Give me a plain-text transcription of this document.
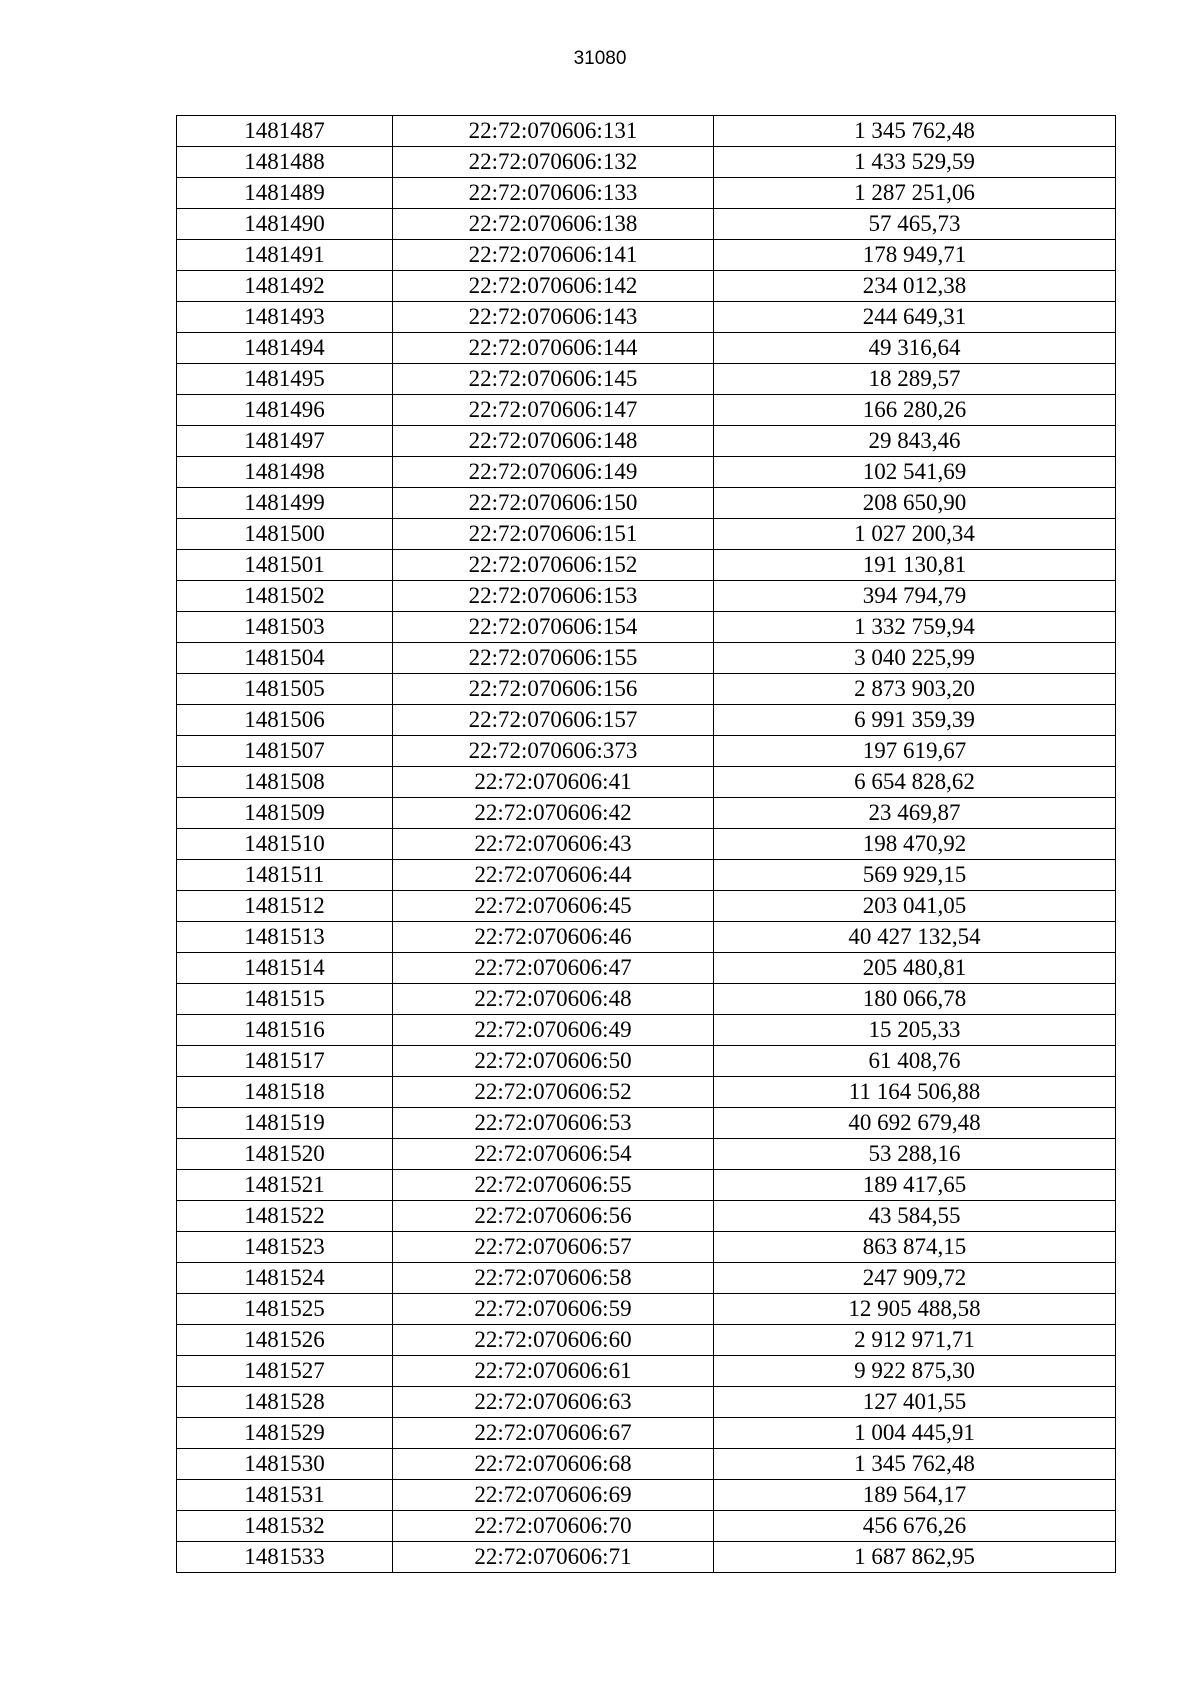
31080
1481487	22:72:070606:131	1 345 762,48
1481488	22:72:070606:132	1 433 529,59
1481489	22:72:070606:133	1 287 251,06
1481490	22:72:070606:138	57 465,73
1481491	22:72:070606:141	178 949,71
1481492	22:72:070606:142	234 012,38
1481493	22:72:070606:143	244 649,31
1481494	22:72:070606:144	49 316,64
1481495	22:72:070606:145	18 289,57
1481496	22:72:070606:147	166 280,26
1481497	22:72:070606:148	29 843,46
1481498	22:72:070606:149	102 541,69
1481499	22:72:070606:150	208 650,90
1481500	22:72:070606:151	1 027 200,34
1481501	22:72:070606:152	191 130,81
1481502	22:72:070606:153	394 794,79
1481503	22:72:070606:154	1 332 759,94
1481504	22:72:070606:155	3 040 225,99
1481505	22:72:070606:156	2 873 903,20
1481506	22:72:070606:157	6 991 359,39
1481507	22:72:070606:373	197 619,67
1481508	22:72:070606:41	6 654 828,62
1481509	22:72:070606:42	23 469,87
1481510	22:72:070606:43	198 470,92
1481511	22:72:070606:44	569 929,15
1481512	22:72:070606:45	203 041,05
1481513	22:72:070606:46	40 427 132,54
1481514	22:72:070606:47	205 480,81
1481515	22:72:070606:48	180 066,78
1481516	22:72:070606:49	15 205,33
1481517	22:72:070606:50	61 408,76
1481518	22:72:070606:52	11 164 506,88
1481519	22:72:070606:53	40 692 679,48
1481520	22:72:070606:54	53 288,16
1481521	22:72:070606:55	189 417,65
1481522	22:72:070606:56	43 584,55
1481523	22:72:070606:57	863 874,15
1481524	22:72:070606:58	247 909,72
1481525	22:72:070606:59	12 905 488,58
1481526	22:72:070606:60	2 912 971,71
1481527	22:72:070606:61	9 922 875,30
1481528	22:72:070606:63	127 401,55
1481529	22:72:070606:67	1 004 445,91
1481530	22:72:070606:68	1 345 762,48
1481531	22:72:070606:69	189 564,17
1481532	22:72:070606:70	456 676,26
1481533	22:72:070606:71	1 687 862,95
